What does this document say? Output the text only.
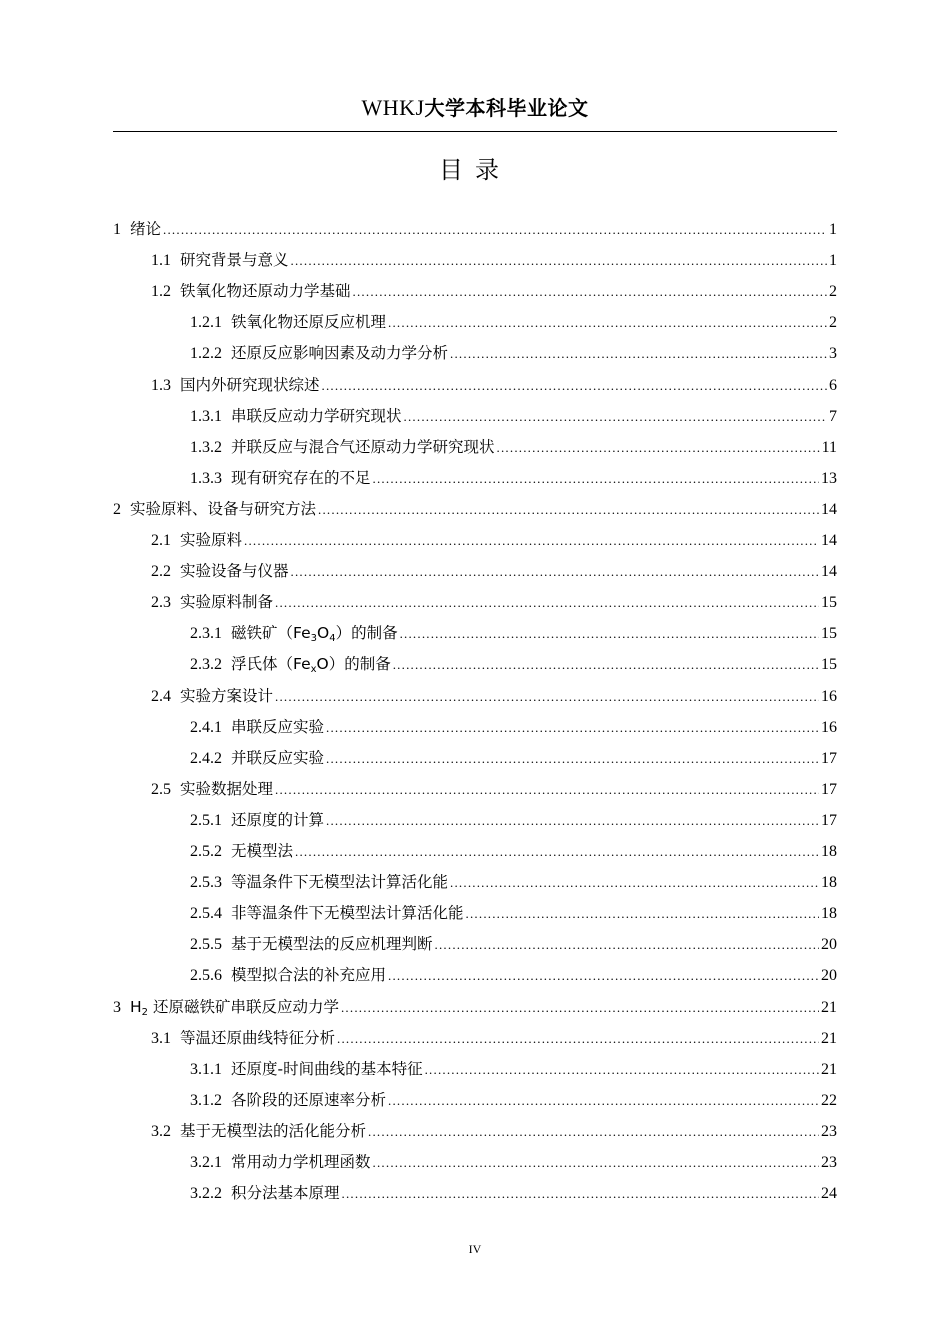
WHKJ大学本科毕业论文
目录
1 绪论 .....	1
1.1 研究背景与意义 .....	1
1.2 铁氧化物还原动力学基础 .....	2
1.2.1 铁氧化物还原反应机理 .....	2
1.2.2 还原反应影响因素及动力学分析 .....	3
1.3 国内外研究现状综述 .....	6
1.3.1 串联反应动力学研究现状 .....	7
1.3.2 并联反应与混合气还原动力学研究现状 .....	11
1.3.3 现有研究存在的不足 .....	13
2 实验原料、设备与研究方法 .....	14
2.1 实验原料 .....	14
2.2 实验设备与仪器 .....	14
2.3 实验原料制备 .....	15
2.3.1 磁铁矿$(Fe_3O_4)$的制备 .....	15
2.3.2 浮氏体$(Fe_xO)$的制备 .....	15
2.4 实验方案设计 .....	16
2.4.1 串联反应实验 .....	16
2.4.2 并联反应实验 .....	17
2.5 实验数据处理 .....	17
2.5.1 还原度的计算 .....	17
2.5.2 无模型法 .....	18
2.5.3 等温条件下无模型法计算活化能 .....	18
2.5.4 非等温条件下无模型法计算活化能 .....	18
2.5.5 基于无模型法的反应机理判断 .....	20
2.5.6 模型拟合法的补充应用 .....	20
3 $H_2$ 还原磁铁矿串联反应动力学 .....	21
3.1 等温还原曲线特征分析 .....	21
3.1.1 还原度-时间曲线的基本特征 .....	21
3.1.2 各阶段的还原速率分析 .....	22
3.2 基于无模型法的活化能分析 .....	23
3.2.1 常用动力学机理函数 .....	23
3.2.2 积分法基本原理 .....	24
IV
